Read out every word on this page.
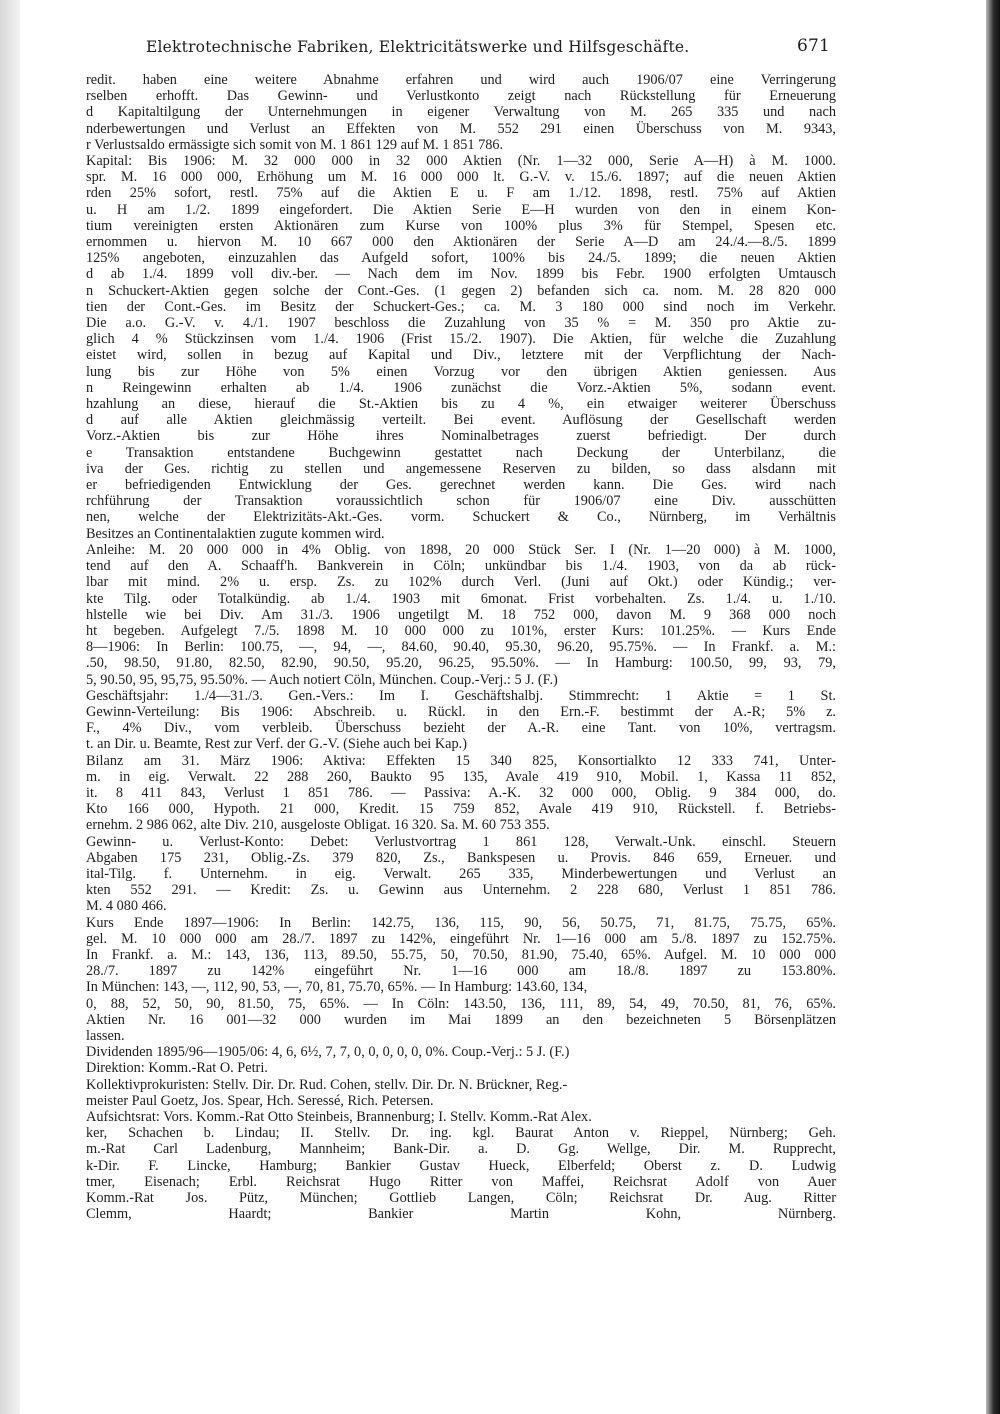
Elektrotechnische Fabriken, Elektricitätswerke und Hilfsgeschäfte.	671
redit. haben eine weitere Abnahme erfahren und wird auch 1906/07 eine Verringerung
rselben erhofft. Das Gewinn- und Verlustkonto zeigt nach Rückstellung für Erneuerung
d Kapitaltilgung der Unternehmungen in eigener Verwaltung von M. 265 335 und nach
nderbewertungen und Verlust an Effekten von M. 552 291 einen Überschuss von M. 9343,
r Verlustsaldo ermässigte sich somit von M. 1 861 129 auf M. 1 851 786.
Kapital: Bis 1906: M. 32 000 000 in 32 000 Aktien (Nr. 1—32 000, Serie A—H) à M. 1000.
spr. M. 16 000 000, Erhöhung um M. 16 000 000 lt. G.-V. v. 15./6. 1897; auf die neuen Aktien
rden 25% sofort, restl. 75% auf die Aktien E u. F am 1./12. 1898, restl. 75% auf Aktien
u. H am 1./2. 1899 eingefordert. Die Aktien Serie E—H wurden von den in einem Kon-
tium vereinigten ersten Aktionären zum Kurse von 100% plus 3% für Stempel, Spesen etc.
ernommen u. hiervon M. 10 667 000 den Aktionären der Serie A—D am 24./4.—8./5. 1899
125% angeboten, einzuzahlen das Aufgeld sofort, 100% bis 24./5. 1899; die neuen Aktien
d ab 1./4. 1899 voll div.-ber. — Nach dem im Nov. 1899 bis Febr. 1900 erfolgten Umtausch
n Schuckert-Aktien gegen solche der Cont.-Ges. (1 gegen 2) befanden sich ca. nom. M. 28 820 000
tien der Cont.-Ges. im Besitz der Schuckert-Ges.; ca. M. 3 180 000 sind noch im Verkehr.
Die a.o. G.-V. v. 4./1. 1907 beschloss die Zuzahlung von 35 % = M. 350 pro Aktie zu-
glich 4 % Stückzinsen vom 1./4. 1906 (Frist 15./2. 1907). Die Aktien, für welche die Zuzahlung
eistet wird, sollen in bezug auf Kapital und Div., letztere mit der Verpflichtung der Nach-
lung bis zur Höhe von 5% einen Vorzug vor den übrigen Aktien geniessen. Aus
n Reingewinn erhalten ab 1./4. 1906 zunächst die Vorz.-Aktien 5%, sodann event.
hzahlung an diese, hierauf die St.-Aktien bis zu 4 %, ein etwaiger weiterer Überschuss
d auf alle Aktien gleichmässig verteilt. Bei event. Auflösung der Gesellschaft werden
Vorz.-Aktien bis zur Höhe ihres Nominalbetrages zuerst befriedigt. Der durch
e Transaktion entstandene Buchgewinn gestattet nach Deckung der Unterbilanz, die
iva der Ges. richtig zu stellen und angemessene Reserven zu bilden, so dass alsdann mit
er befriedigenden Entwicklung der Ges. gerechnet werden kann. Die Ges. wird nach
rchführung der Transaktion voraussichtlich schon für 1906/07 eine Div. ausschütten
nen, welche der Elektrizitäts-Akt.-Ges. vorm. Schuckert & Co., Nürnberg, im Verhältnis
Besitzes an Continentalaktien zugute kommen wird.
Anleihe: M. 20 000 000 in 4% Oblig. von 1898, 20 000 Stück Ser. I (Nr. 1—20 000) à M. 1000,
tend auf den A. Schaaff'h. Bankverein in Cöln; unkündbar bis 1./4. 1903, von da ab rück-
lbar mit mind. 2% u. ersp. Zs. zu 102% durch Verl. (Juni auf Okt.) oder Kündig.; ver-
kte Tilg. oder Totalkündig. ab 1./4. 1903 mit 6monat. Frist vorbehalten. Zs. 1./4. u. 1./10.
hlstelle wie bei Div. Am 31./3. 1906 ungetilgt M. 18 752 000, davon M. 9 368 000 noch
ht begeben. Aufgelegt 7./5. 1898 M. 10 000 000 zu 101%, erster Kurs: 101.25%. — Kurs Ende
8—1906: In Berlin: 100.75, —, 94, —, 84.60, 90.40, 95.30, 96.20, 95.75%. — In Frankf. a. M.:
.50, 98.50, 91.80, 82.50, 82.90, 90.50, 95.20, 96.25, 95.50%. — In Hamburg: 100.50, 99, 93, 79,
5, 90.50, 95, 95,75, 95.50%. — Auch notiert Cöln, München. Coup.-Verj.: 5 J. (F.)
Geschäftsjahr: 1./4—31./3. Gen.-Vers.: Im I. Geschäftshalbj. Stimmrecht: 1 Aktie = 1 St.
Gewinn-Verteilung: Bis 1906: Abschreib. u. Rückl. in den Ern.-F. bestimmt der A.-R; 5% z.
F., 4% Div., vom verbleib. Überschuss bezieht der A.-R. eine Tant. von 10%, vertragsm.
t. an Dir. u. Beamte, Rest zur Verf. der G.-V. (Siehe auch bei Kap.)
Bilanz am 31. März 1906: Aktiva: Effekten 15 340 825, Konsortialkto 12 333 741, Unter-
m. in eig. Verwalt. 22 288 260, Baukto 95 135, Avale 419 910, Mobil. 1, Kassa 11 852,
it. 8 411 843, Verlust 1 851 786. — Passiva: A.-K. 32 000 000, Oblig. 9 384 000, do.
Kto 166 000, Hypoth. 21 000, Kredit. 15 759 852, Avale 419 910, Rückstell. f. Betriebs-
ernehm. 2 986 062, alte Div. 210, ausgeloste Obligat. 16 320. Sa. M. 60 753 355.
Gewinn- u. Verlust-Konto: Debet: Verlustvortrag 1 861 128, Verwalt.-Unk. einschl. Steuern
Abgaben 175 231, Oblig.-Zs. 379 820, Zs., Bankspesen u. Provis. 846 659, Erneuer. und
ital-Tilg. f. Unternehm. in eig. Verwalt. 265 335, Minderbewertungen und Verlust an
kten 552 291. — Kredit: Zs. u. Gewinn aus Unternehm. 2 228 680, Verlust 1 851 786.
M. 4 080 466.
Kurs Ende 1897—1906: In Berlin: 142.75, 136, 115, 90, 56, 50.75, 71, 81.75, 75.75, 65%.
gel. M. 10 000 000 am 28./7. 1897 zu 142%, eingeführt Nr. 1—16 000 am 5./8. 1897 zu 152.75%.
In Frankf. a. M.: 143, 136, 113, 89.50, 55.75, 50, 70.50, 81.90, 75.40, 65%. Aufgel. M. 10 000 000
28./7. 1897 zu 142% eingeführt Nr. 1—16 000 am 18./8. 1897 zu 153.80%.
In München: 143, —, 112, 90, 53, —, 70, 81, 75.70, 65%. — In Hamburg: 143.60, 134,
0, 88, 52, 50, 90, 81.50, 75, 65%. — In Cöln: 143.50, 136, 111, 89, 54, 49, 70.50, 81, 76, 65%.
Aktien Nr. 16 001—32 000 wurden im Mai 1899 an den bezeichneten 5 Börsenplätzen
lassen.
Dividenden 1895/96—1905/06: 4, 6, 6½, 7, 7, 0, 0, 0, 0, 0, 0%. Coup.-Verj.: 5 J. (F.)
Direktion: Komm.-Rat O. Petri.
Kollektivprokuristen: Stellv. Dir. Dr. Rud. Cohen, stellv. Dir. Dr. N. Brückner, Reg.-
meister Paul Goetz, Jos. Spear, Hch. Seressé, Rich. Petersen.
Aufsichtsrat: Vors. Komm.-Rat Otto Steinbeis, Brannenburg; I. Stellv. Komm.-Rat Alex.
ker, Schachen b. Lindau; II. Stellv. Dr. ing. kgl. Baurat Anton v. Rieppel, Nürnberg; Geh.
m.-Rat Carl Ladenburg, Mannheim; Bank-Dir. a. D. Gg. Wellge, Dir. M. Rupprecht,
k-Dir. F. Lincke, Hamburg; Bankier Gustav Hueck, Elberfeld; Oberst z. D. Ludwig
tmer, Eisenach; Erbl. Reichsrat Hugo Ritter von Maffei, Reichsrat Adolf von Auer
Komm.-Rat Jos. Pütz, München; Gottlieb Langen, Cöln; Reichsrat Dr. Aug. Ritter
Clemm, Haardt; Bankier Martin Kohn, Nürnberg.
